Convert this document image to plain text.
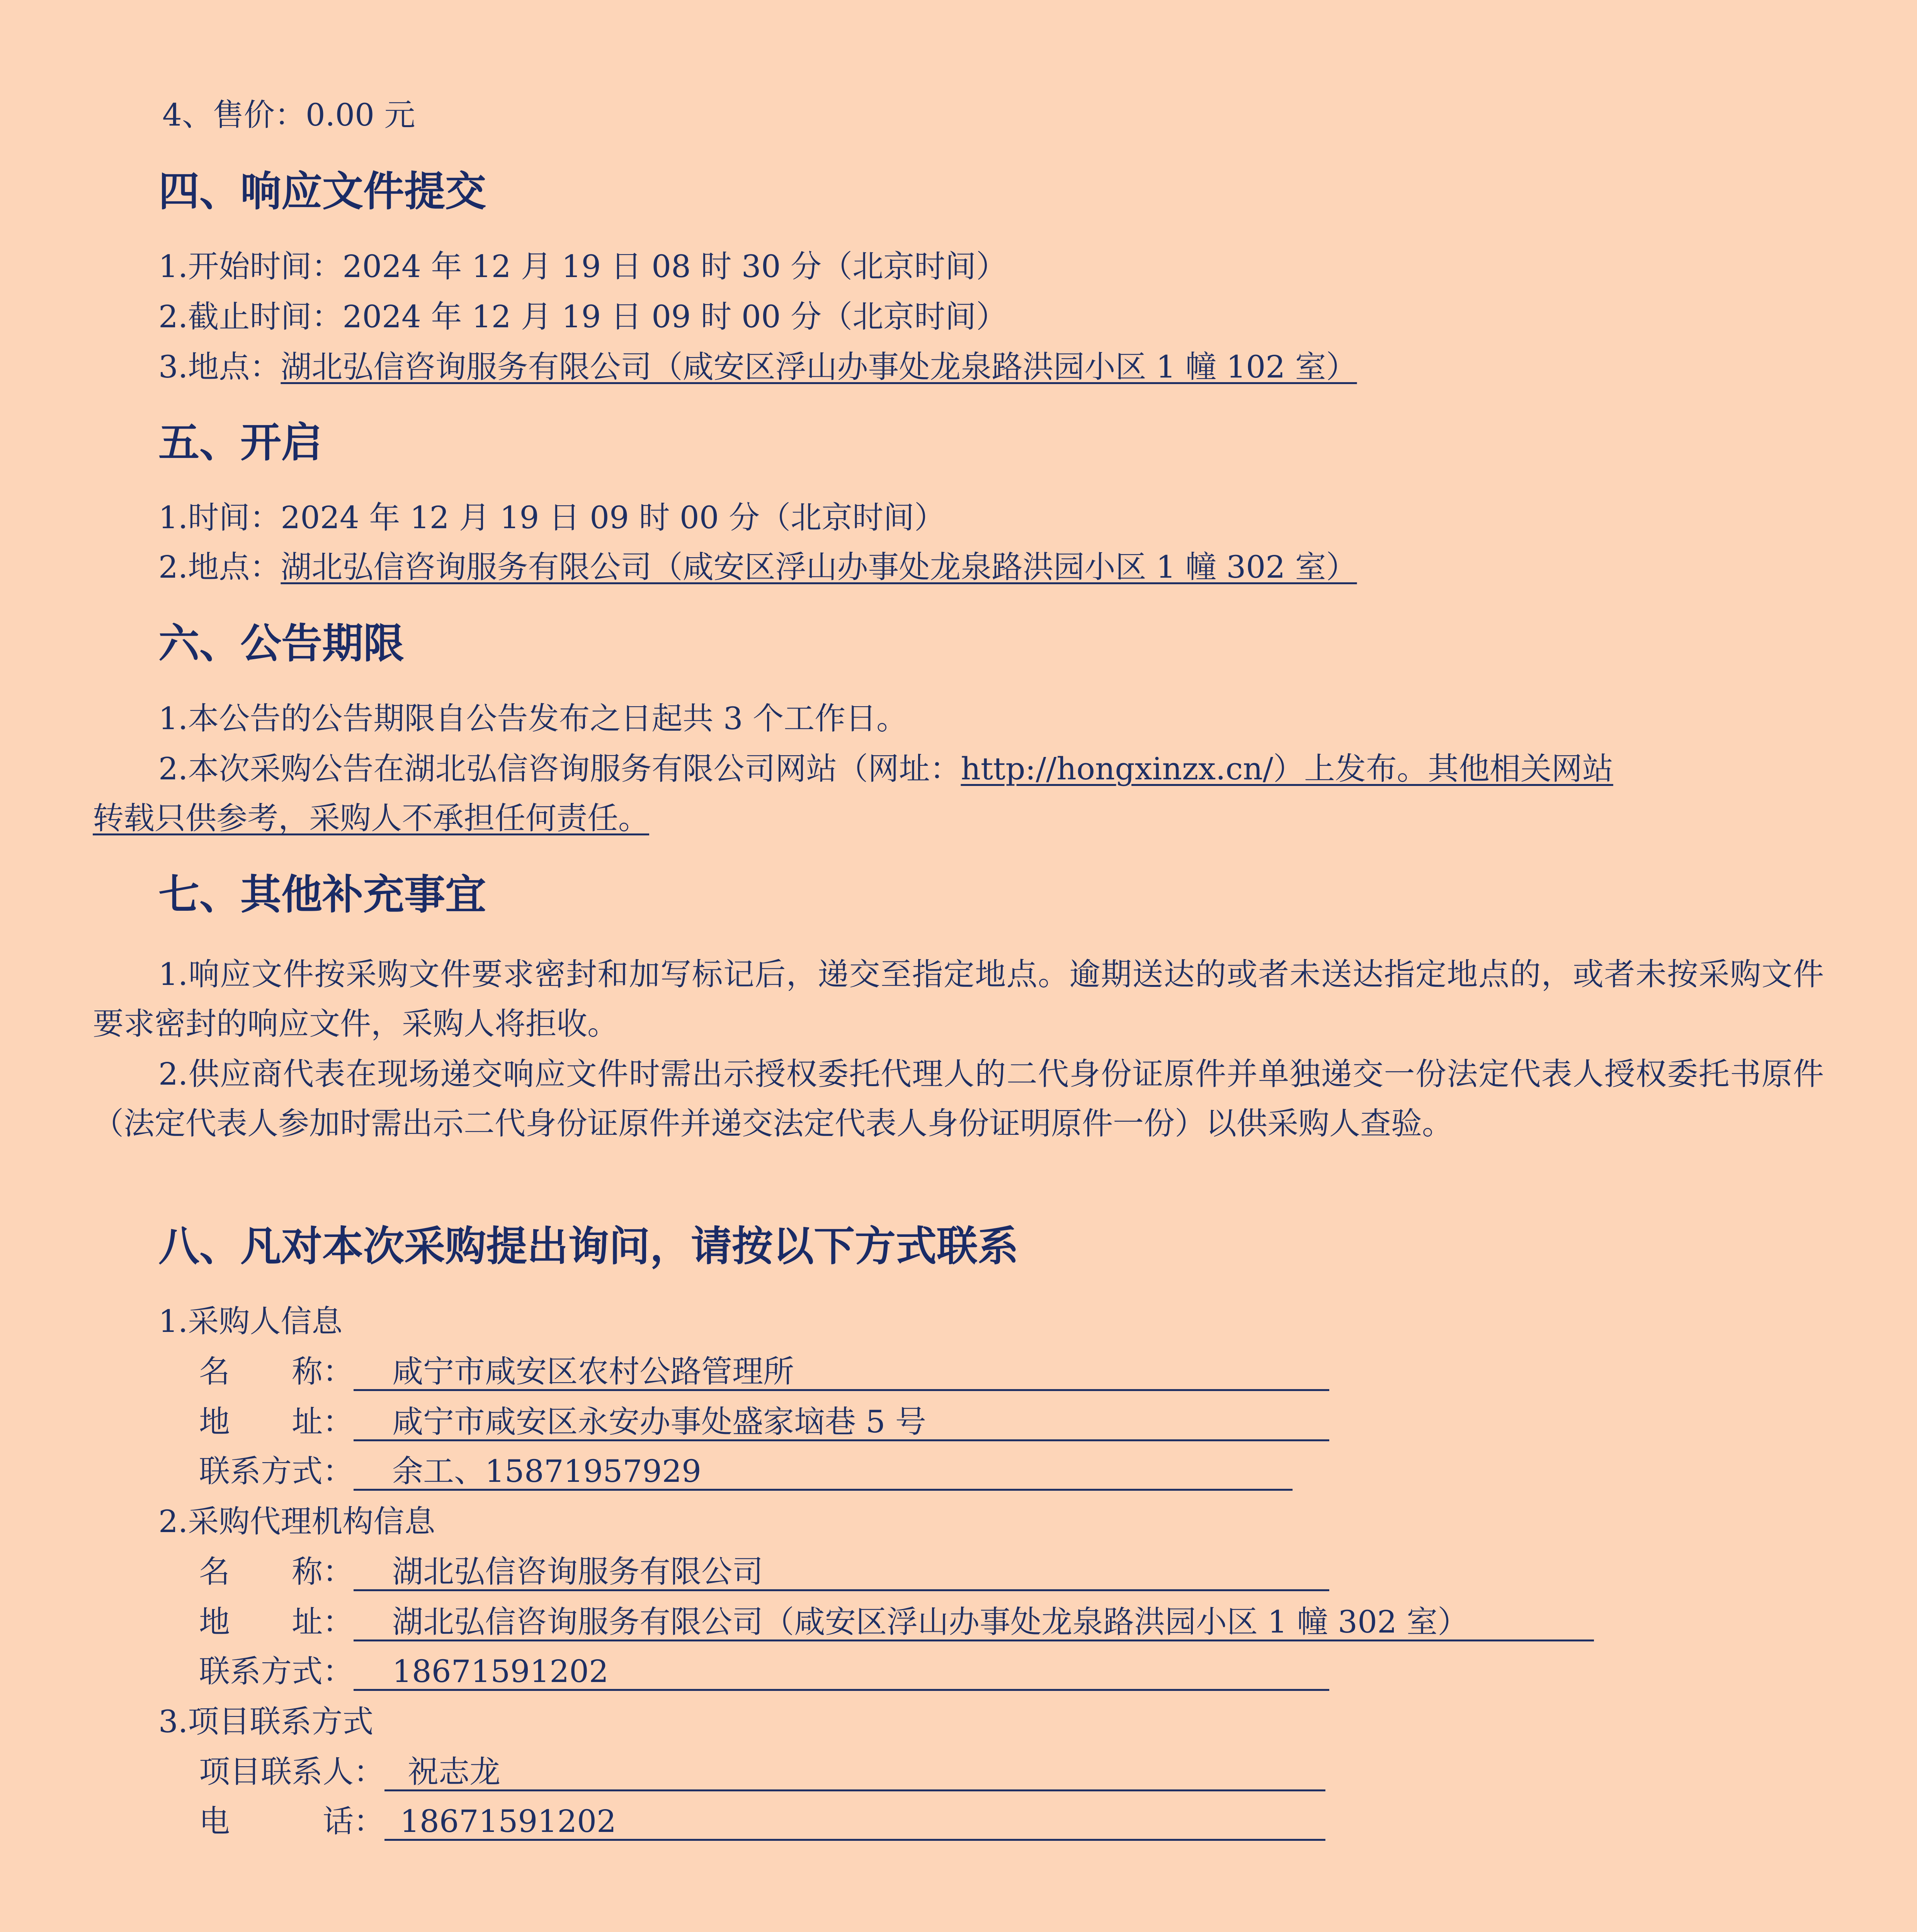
4、售价：0.00 元
四、响应文件提交
1.开始时间：2024 年 12 月 19 日 08 时 30 分（北京时间）
2.截止时间：2024 年 12 月 19 日 09 时 00 分（北京时间）
3.地点：湖北弘信咨询服务有限公司（咸安区浮山办事处龙泉路洪园小区 1 幢 102 室）
五、开启
1.时间：2024 年 12 月 19 日 09 时 00 分（北京时间）
2.地点：湖北弘信咨询服务有限公司（咸安区浮山办事处龙泉路洪园小区 1 幢 302 室）
六、公告期限
1.本公告的公告期限自公告发布之日起共 3 个工作日。
2.本次采购公告在湖北弘信咨询服务有限公司网站（网址：http://hongxinzx.cn/）上发布。其他相关网站
转载只供参考，采购人不承担任何责任。
七、其他补充事宜
1.响应文件按采购文件要求密封和加写标记后，递交至指定地点。逾期送达的或者未送达指定地点的，或者未按采购文件要求密封的响应文件，采购人将拒收。
2.供应商代表在现场递交响应文件时需出示授权委托代理人的二代身份证原件并单独递交一份法定代表人授权委托书原件（法定代表人参加时需出示二代身份证原件并递交法定代表人身份证明原件一份）以供采购人查验。
八、凡对本次采购提出询问，请按以下方式联系
1.采购人信息
名　　称： 咸宁市咸安区农村公路管理所
地　　址： 咸宁市咸安区永安办事处盛家垴巷 5 号
联系方式： 余工、15871957929
2.采购代理机构信息
名　　称： 湖北弘信咨询服务有限公司
地　　址： 湖北弘信咨询服务有限公司（咸安区浮山办事处龙泉路洪园小区 1 幢 302 室）
联系方式： 18671591202
3.项目联系方式
项目联系人： 祝志龙
电　　　话： 18671591202
